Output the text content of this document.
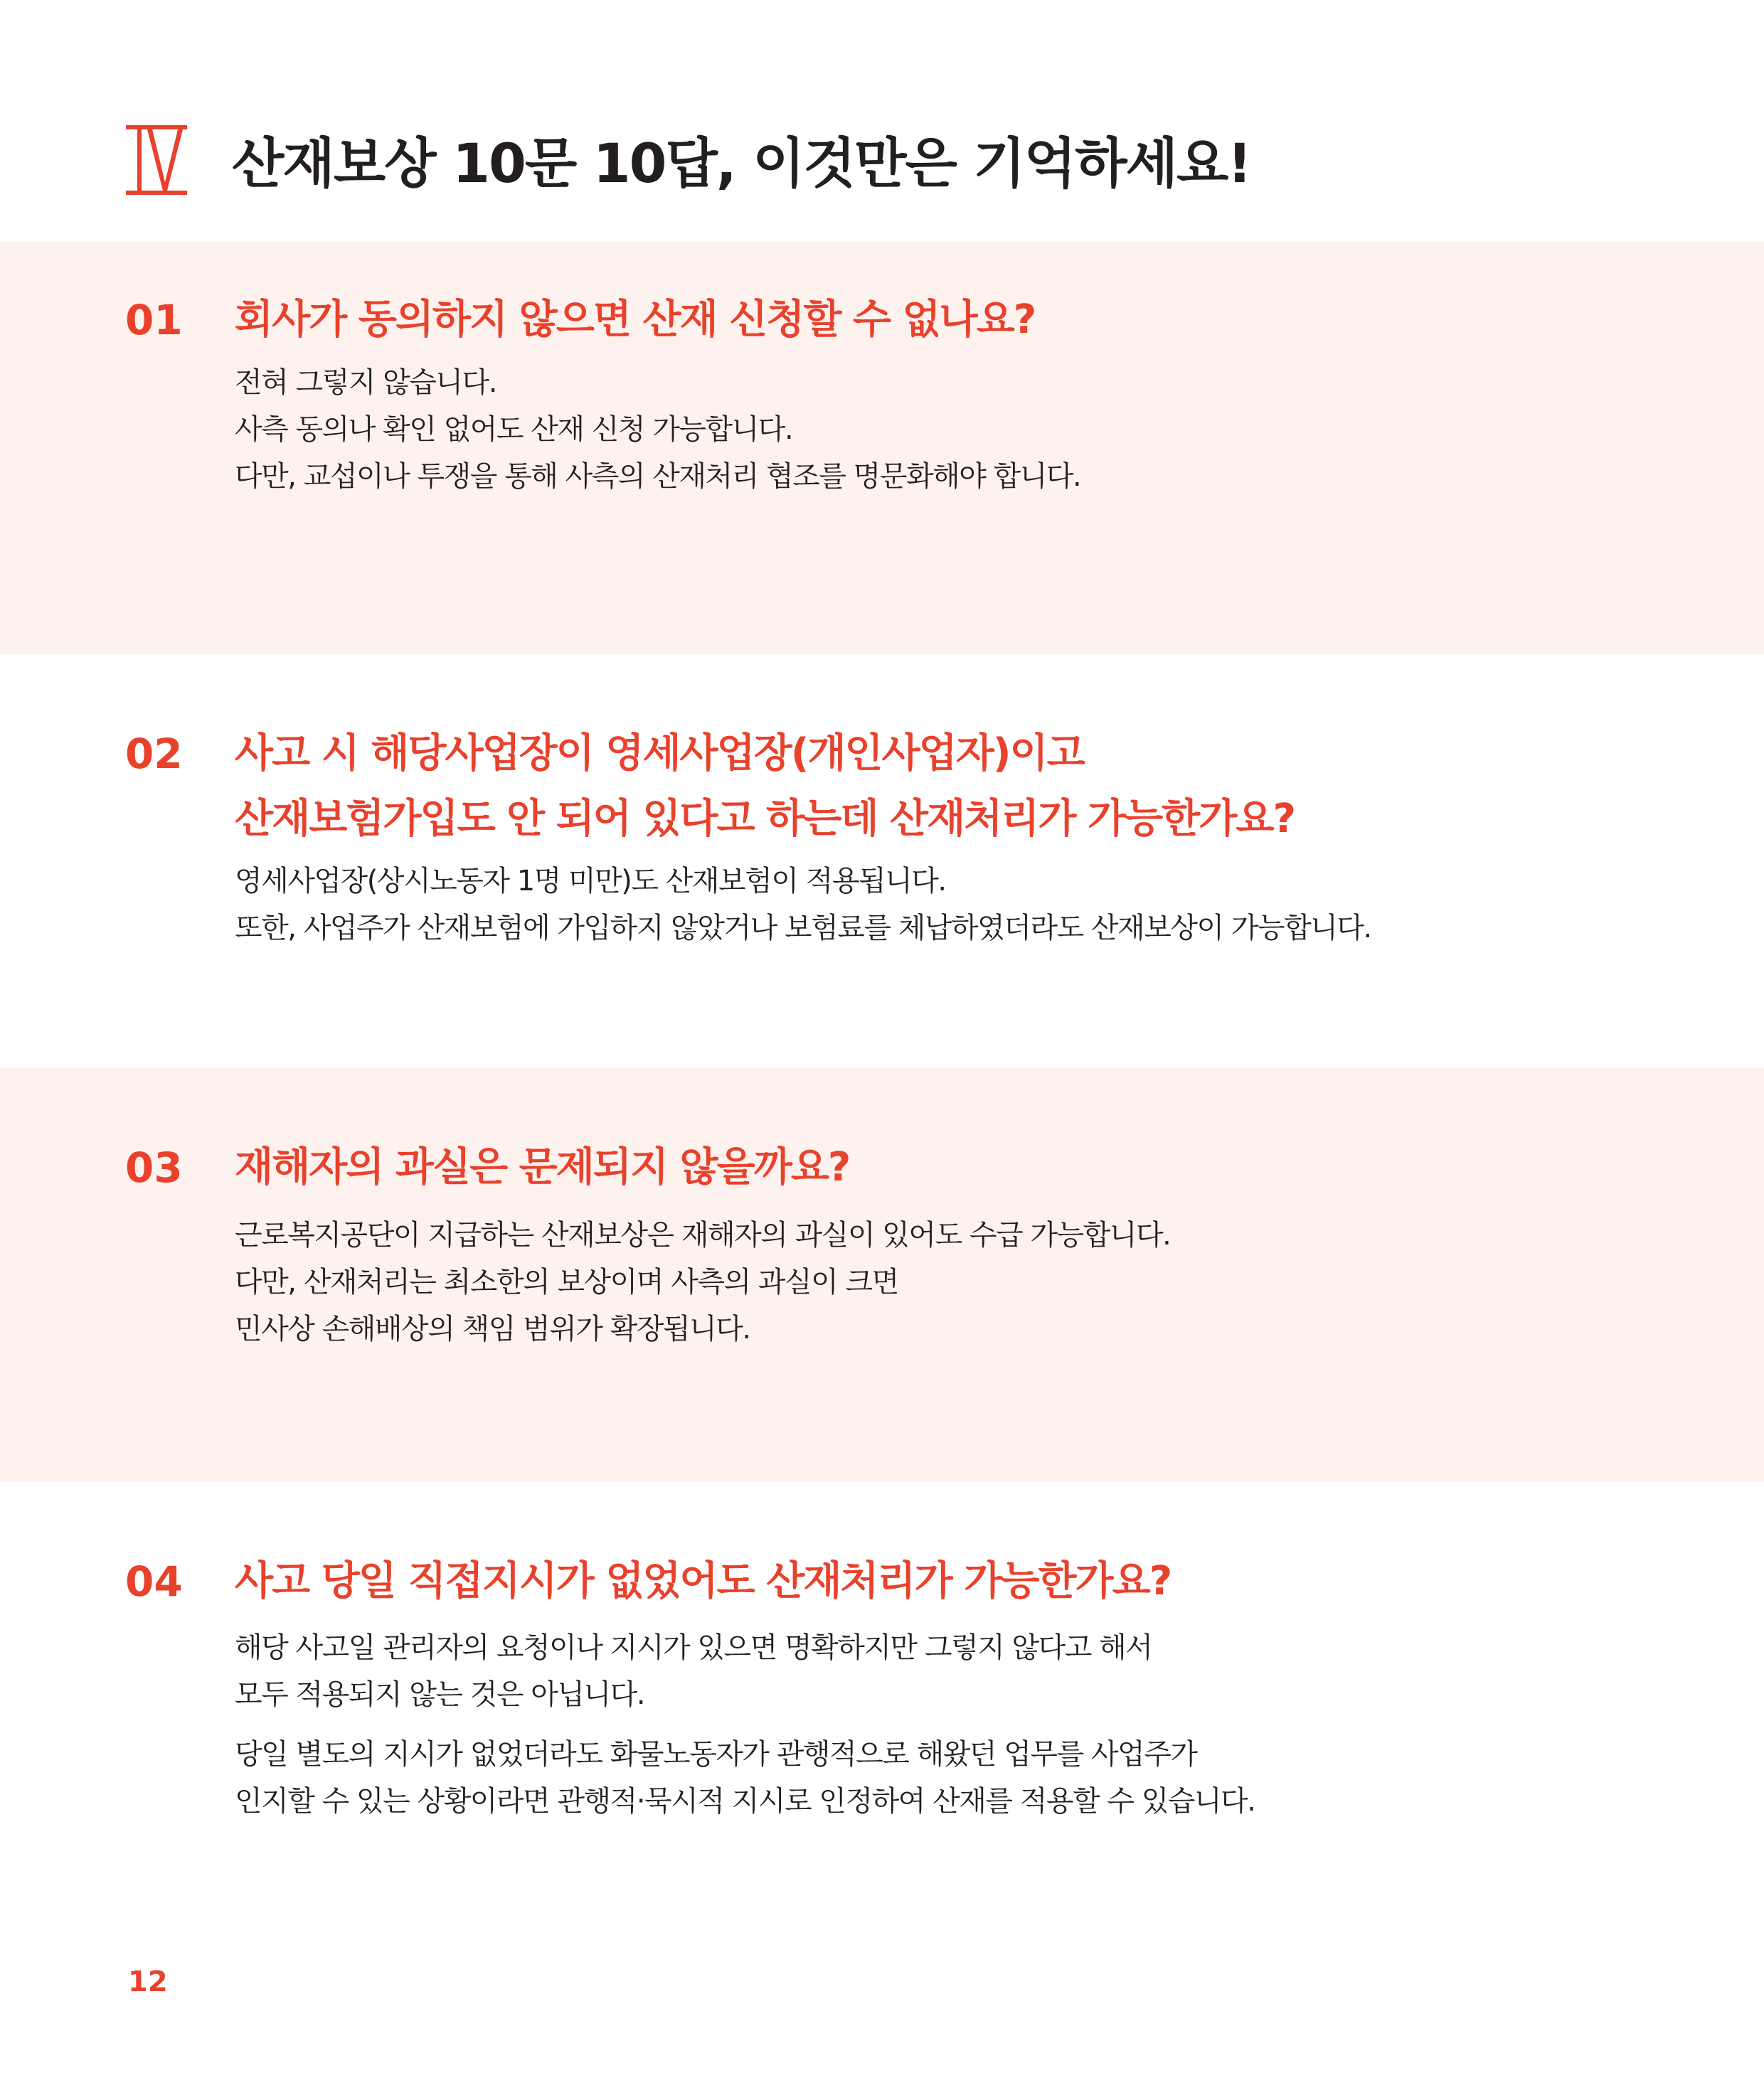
산재보상 10문 10답, 이것만은 기억하세요!
01 회사가 동의하지 않으면 산재 신청할 수 없나요?
전혀 그렇지 않습니다.
사측 동의나 확인 없어도 산재 신청 가능합니다.
다만, 교섭이나 투쟁을 통해 사측의 산재처리 협조를 명문화해야 합니다.
02 사고 시 해당사업장이 영세사업장(개인사업자)이고
산재보험가입도 안 되어 있다고 하는데 산재처리가 가능한가요?
영세사업장(상시노동자 1명 미만)도 산재보험이 적용됩니다.
또한, 사업주가 산재보험에 가입하지 않았거나 보험료를 체납하였더라도 산재보상이 가능합니다.
03 재해자의 과실은 문제되지 않을까요?
근로복지공단이 지급하는 산재보상은 재해자의 과실이 있어도 수급 가능합니다.
다만, 산재처리는 최소한의 보상이며 사측의 과실이 크면
민사상 손해배상의 책임 범위가 확장됩니다.
04 사고 당일 직접지시가 없었어도 산재처리가 가능한가요?
해당 사고일 관리자의 요청이나 지시가 있으면 명확하지만 그렇지 않다고 해서
모두 적용되지 않는 것은 아닙니다.
당일 별도의 지시가 없었더라도 화물노동자가 관행적으로 해왔던 업무를 사업주가
인지할 수 있는 상황이라면 관행적·묵시적 지시로 인정하여 산재를 적용할 수 있습니다.
12
